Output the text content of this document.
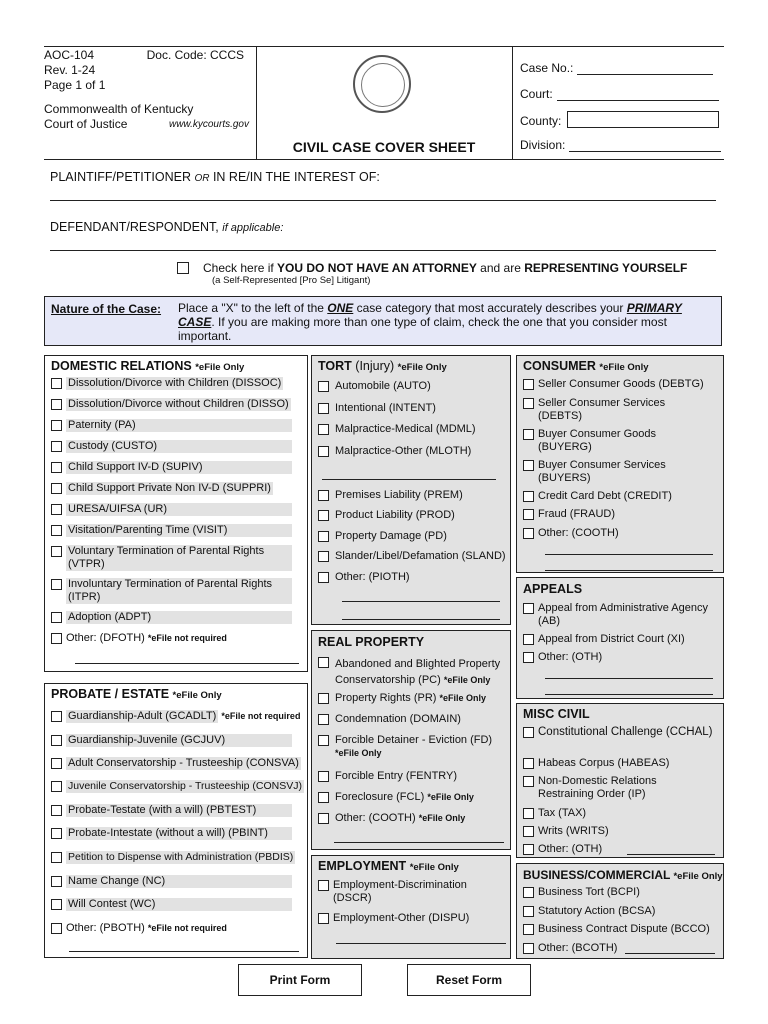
AOC-104	Doc. Code: CCCS
Rev. 1-24
Page 1 of 1
Commonwealth of Kentucky
Court of Justice	www.kycourts.gov
CIVIL CASE COVER SHEET
Case No.:
Court:
County:
Division:
PLAINTIFF/PETITIONER OR IN RE/IN THE INTEREST OF:
DEFENDANT/RESPONDENT, if applicable:
Check here if YOU DO NOT HAVE AN ATTORNEY and are REPRESENTING YOURSELF
(a Self-Represented [Pro Se] Litigant)
Nature of the Case: Place a "X" to the left of the ONE case category that most accurately describes your PRIMARY CASE. If you are making more than one type of claim, check the one that you consider most important.
DOMESTIC RELATIONS *eFile Only
Dissolution/Divorce with Children (DISSOC)
Dissolution/Divorce without Children (DISSO)
Paternity (PA)
Custody (CUSTO)
Child Support IV-D (SUPIV)
Child Support Private Non IV-D (SUPPRI)
URESA/UIFSA (UR)
Visitation/Parenting Time (VISIT)
Voluntary Termination of Parental Rights (VTPR)
Involuntary Termination of Parental Rights (ITPR)
Adoption (ADPT)
Other: (DFOTH)
*eFile not required
PROBATE / ESTATE *eFile Only
Guardianship-Adult (GCADLT)
*eFile not required
Guardianship-Juvenile (GCJUV)
Adult Conservatorship - Trusteeship (CONSVA)
Juvenile Conservatorship - Trusteeship (CONSVJ)
Probate-Testate (with a will) (PBTEST)
Probate-Intestate (without a will) (PBINT)
Petition to Dispense with Administration (PBDIS)
Name Change (NC)
Will Contest (WC)
Other: (PBOTH)
*eFile not required
TORT (Injury) *eFile Only
Automobile (AUTO)
Intentional (INTENT)
Malpractice-Medical (MDML)
Malpractice-Other (MLOTH)
Premises Liability (PREM)
Product Liability (PROD)
Property Damage (PD)
Slander/Libel/Defamation (SLAND)
Other: (PIOTH)
REAL PROPERTY
Abandoned and Blighted Property Conservatorship (PC) *eFile Only
Property Rights (PR) *eFile Only
Condemnation (DOMAIN)
Forcible Detainer - Eviction (FD) *eFile Only
Forcible Entry (FENTRY)
Foreclosure (FCL) *eFile Only
Other: (COOTH) *eFile Only
EMPLOYMENT *eFile Only
Employment-Discrimination (DSCR)
Employment-Other (DISPU)
CONSUMER *eFile Only
Seller Consumer Goods (DEBTG)
Seller Consumer Services (DEBTS)
Buyer Consumer Goods (BUYERG)
Buyer Consumer Services (BUYERS)
Credit Card Debt (CREDIT)
Fraud (FRAUD)
Other: (COOTH)
APPEALS
Appeal from Administrative Agency (AB)
Appeal from District Court (XI)
Other: (OTH)
MISC CIVIL
Constitutional Challenge (CCHAL)
Habeas Corpus (HABEAS)
Non-Domestic Relations Restraining Order (IP)
Tax (TAX)
Writs (WRITS)
Other: (OTH)
BUSINESS/COMMERCIAL *eFile Only
Business Tort (BCPI)
Statutory Action (BCSA)
Business Contract Dispute (BCCO)
Other: (BCOTH)
Print Form	Reset Form
